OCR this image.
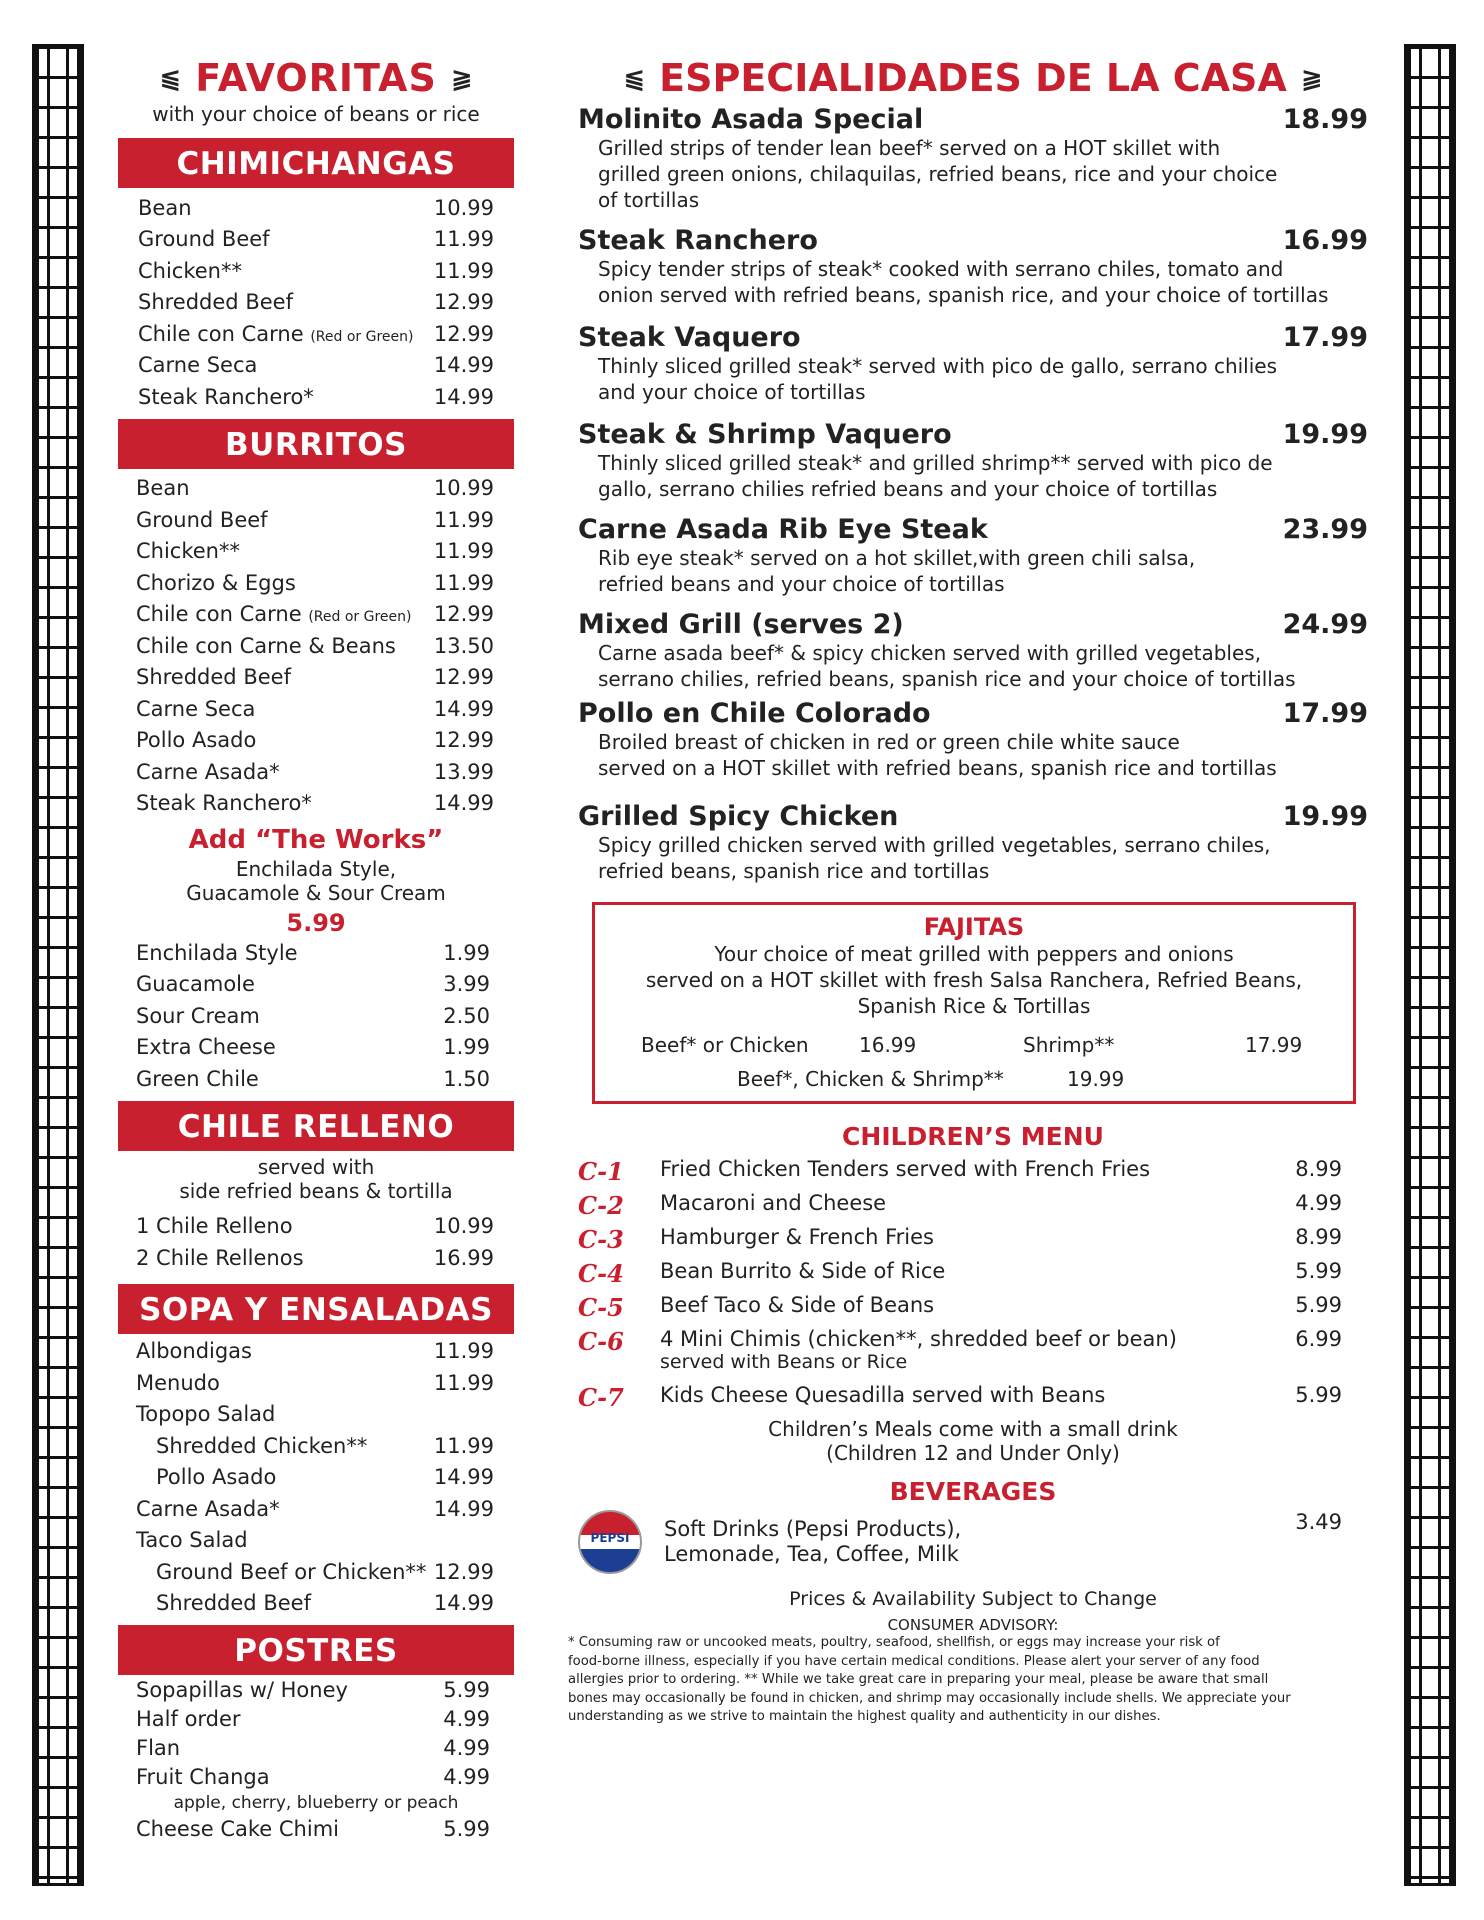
⫹ FAVORITAS ⫺
with your choice of beans or rice
CHIMICHANGAS
Bean	10.99
Ground Beef	11.99
Chicken**	11.99
Shredded Beef	12.99
Chile con Carne (Red or Green) 12.99
Carne Seca	14.99
Steak Ranchero*	14.99
BURRITOS
Bean	10.99
Ground Beef	11.99
Chicken**	11.99
Chorizo & Eggs	11.99
Chile con Carne (Red or Green) 12.99
Chile con Carne & Beans 13.50
Shredded Beef	12.99
Carne Seca	14.99
Pollo Asado	12.99
Carne Asada*	13.99
Steak Ranchero*	14.99
Add “The Works”
Enchilada Style,
Guacamole & Sour Cream
5.99
Enchilada Style	1.99
Guacamole	3.99
Sour Cream	2.50
Extra Cheese	1.99
Green Chile	1.50
CHILE RELLENO
served with
side refried beans & tortilla
1 Chile Relleno	10.99
2 Chile Rellenos	16.99
SOPA Y ENSALADAS
Albondigas	11.99
Menudo	11.99
Topopo Salad
Shredded Chicken**	11.99
Pollo Asado	14.99
Carne Asada*	14.99
Taco Salad
Ground Beef or Chicken** 12.99
Shredded Beef	14.99
POSTRES
Sopapillas w/ Honey	5.99
Half order	4.99
Flan	4.99
Fruit Changa	4.99
apple, cherry, blueberry or peach
Cheese Cake Chimi	5.99
⫹ ESPECIALIDADES DE LA CASA ⫺
Molinito Asada Special	18.99
Grilled strips of tender lean beef* served on a HOT skillet with
grilled green onions, chilaquilas, refried beans, rice and your choice
of tortillas
Steak Ranchero	16.99
Spicy tender strips of steak* cooked with serrano chiles, tomato and
onion served with refried beans, spanish rice, and your choice of tortillas
Steak Vaquero	17.99
Thinly sliced grilled steak* served with pico de gallo, serrano chilies
and your choice of tortillas
Steak & Shrimp Vaquero	19.99
Thinly sliced grilled steak* and grilled shrimp** served with pico de
gallo, serrano chilies refried beans and your choice of tortillas
Carne Asada Rib Eye Steak	23.99
Rib eye steak* served on a hot skillet,with green chili salsa,
refried beans and your choice of tortillas
Mixed Grill (serves 2)	24.99
Carne asada beef* & spicy chicken served with grilled vegetables,
serrano chilies, refried beans, spanish rice and your choice of tortillas
Pollo en Chile Colorado	17.99
Broiled breast of chicken in red or green chile white sauce
served on a HOT skillet with refried beans, spanish rice and tortillas
Grilled Spicy Chicken	19.99
Spicy grilled chicken served with grilled vegetables, serrano chiles,
refried beans, spanish rice and tortillas
FAJITAS
Your choice of meat grilled with peppers and onions
served on a HOT skillet with fresh Salsa Ranchera, Refried Beans,
Spanish Rice & Tortillas
Beef* or Chicken	16.99	Shrimp**	17.99
Beef*, Chicken & Shrimp**	19.99
CHILDREN’S MENU
C-1	Fried Chicken Tenders served with French Fries	8.99
C-2	Macaroni and Cheese	4.99
C-3	Hamburger & French Fries	8.99
C-4	Bean Burrito & Side of Rice	5.99
C-5	Beef Taco & Side of Beans	5.99
C-6	4 Mini Chimis (chicken**, shredded beef or bean)
served with Beans or Rice
6.99
C-7	Kids Cheese Quesadilla served with Beans	5.99
Children’s Meals come with a small drink
(Children 12 and Under Only)
BEVERAGES
PEPSI	Soft Drinks (Pepsi Products),
Lemonade, Tea, Coffee, Milk
3.49
Prices & Availability Subject to Change
CONSUMER ADVISORY:
* Consuming raw or uncooked meats, poultry, seafood, shellfish, or eggs may increase your risk of
food-borne illness, especially if you have certain medical conditions. Please alert your server of any food
allergies prior to ordering. ** While we take great care in preparing your meal, please be aware that small
bones may occasionally be found in chicken, and shrimp may occasionally include shells. We appreciate your
understanding as we strive to maintain the highest quality and authenticity in our dishes.
